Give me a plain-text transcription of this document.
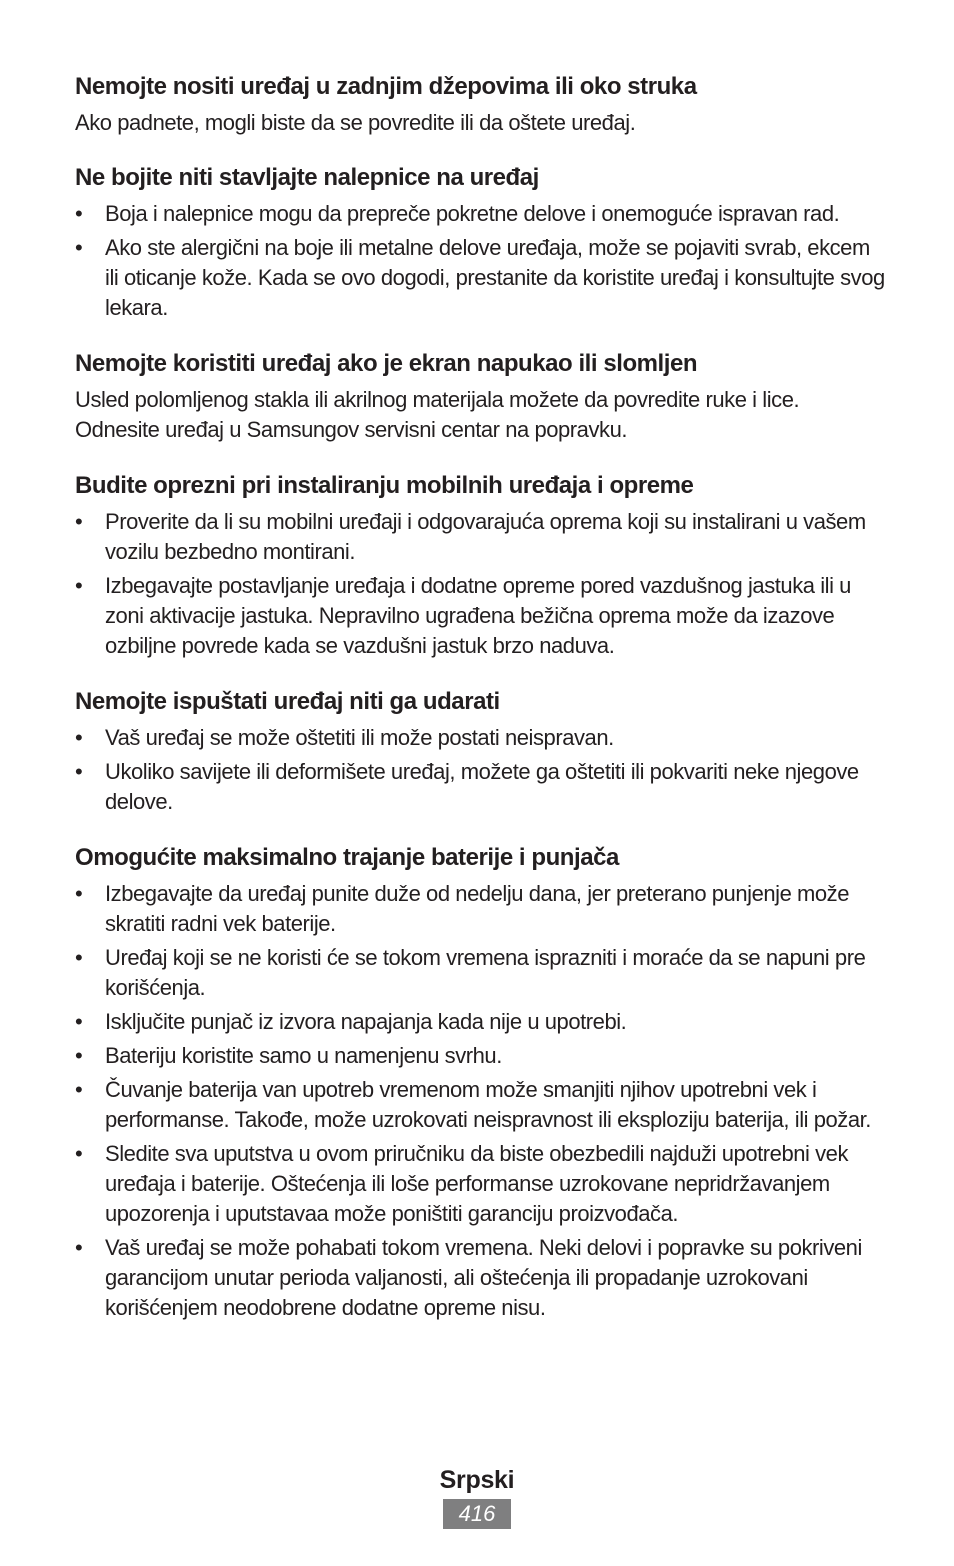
Nemojte nositi uređaj u zadnjim džepovima ili oko struka

Ako padnete, mogli biste da se povredite ili da oštete uređaj.

Ne bojite niti stavljajte nalepnice na uređaj
•	Boja i nalepnice mogu da prepreče pokretne delove i onemoguće ispravan rad.
•	Ako ste alergični na boje ili metalne delove uređaja, može se pojaviti svrab, ekcem ili oticanje kože. Kada se ovo dogodi, prestanite da koristite uređaj i konsultujte svog lekara.
Nemojte koristiti uređaj ako je ekran napukao ili slomljen

Usled polomljenog stakla ili akrilnog materijala možete da povredite ruke i lice. Odnesite uređaj u Samsungov servisni centar na popravku.

Budite oprezni pri instaliranju mobilnih uređaja i opreme
•	Proverite da li su mobilni uređaji i odgovarajuća oprema koji su instalirani u vašem vozilu bezbedno montirani.
•	Izbegavajte postavljanje uređaja i dodatne opreme pored vazdušnog jastuka ili u zoni aktivacije jastuka. Nepravilno ugrađena bežična oprema može da izazove ozbiljne povrede kada se vazdušni jastuk brzo naduva.
Nemojte ispuštati uređaj niti ga udarati
•	Vaš uređaj se može oštetiti ili može postati neispravan.
•	Ukoliko savijete ili deformišete uređaj, možete ga oštetiti ili pokvariti neke njegove delove.
Omogućite maksimalno trajanje baterije i punjača
•	Izbegavajte da uređaj punite duže od nedelju dana, jer preterano punjenje može skratiti radni vek baterije.
•	Uređaj koji se ne koristi će se tokom vremena isprazniti i moraće da se napuni pre korišćenja.
•	Isključite punjač iz izvora napajanja kada nije u upotrebi.
•	Bateriju koristite samo u namenjenu svrhu.
•	Čuvanje baterija van upotreb vremenom može smanjiti njihov upotrebni vek i performanse. Takođe, može uzrokovati neispravnost ili eksploziju baterija, ili požar.
•	Sledite sva uputstva u ovom priručniku da biste obezbedili najduži upotrebni vek uređaja i baterije. Oštećenja ili loše performanse uzrokovane nepridržavanjem upozorenja i uputstavaa može poništiti garanciju proizvođača.
•	Vaš uređaj se može pohabati tokom vremena. Neki delovi i popravke su pokriveni garancijom unutar perioda valjanosti, ali oštećenja ili propadanje uzrokovani korišćenjem neodobrene dodatne opreme nisu.
Srpski
416
